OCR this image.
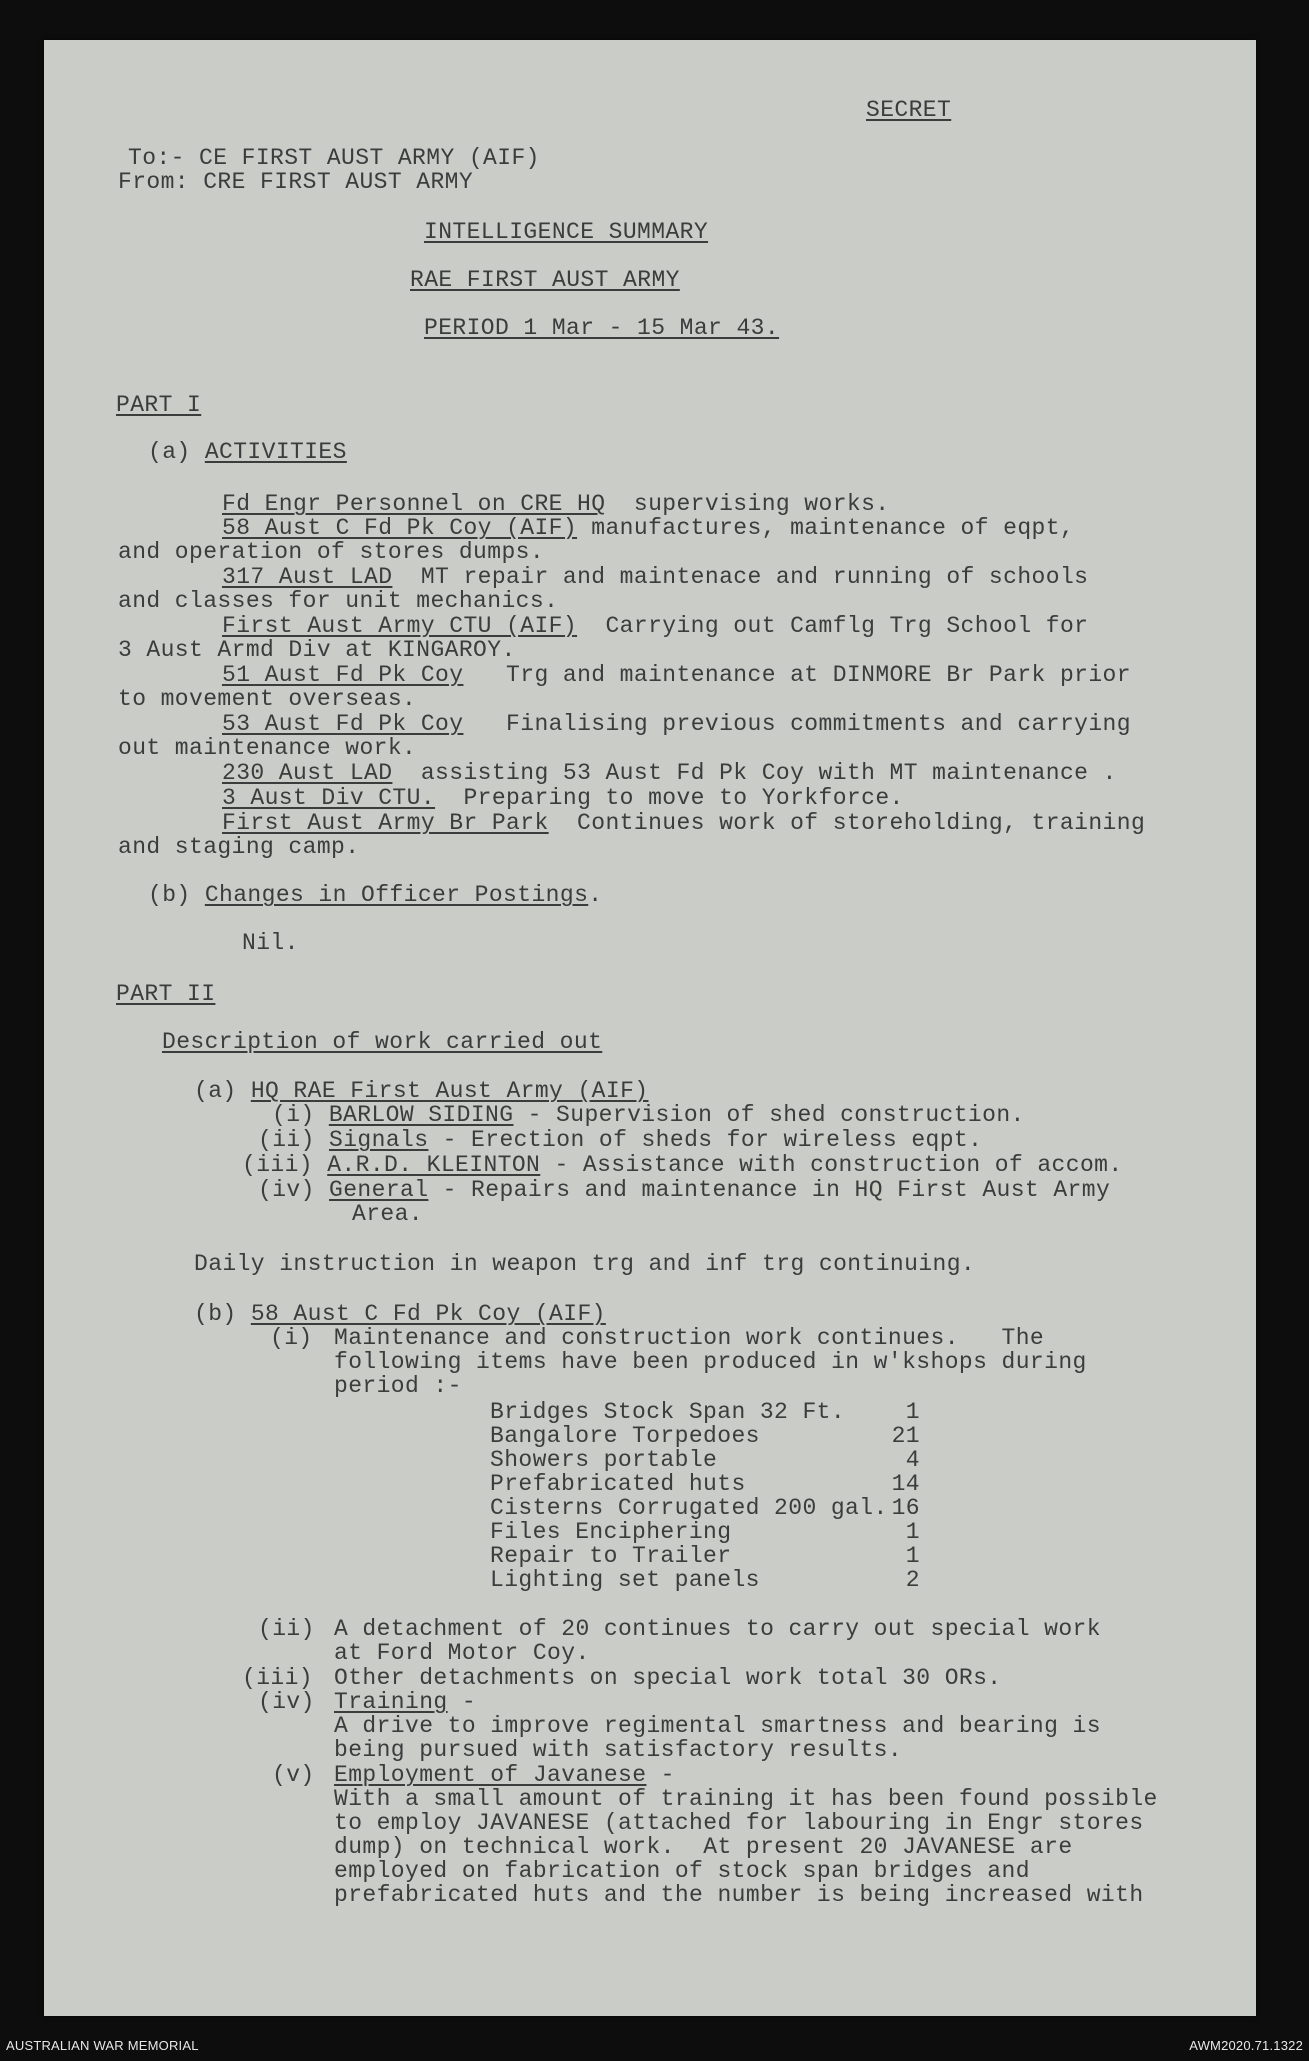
SECRET

To:- CE FIRST AUST ARMY (AIF)

From: CRE FIRST AUST ARMY

INTELLIGENCE SUMMARY

RAE FIRST AUST ARMY

PERIOD 1 Mar - 15 Mar 43.

PART I

(a) ACTIVITIES

Fd Engr Personnel on CRE HQ  supervising works.

58 Aust C Fd Pk Coy (AIF) manufactures, maintenance of eqpt,

and operation of stores dumps.

317 Aust LAD  MT repair and maintenace and running of schools

and classes for unit mechanics.

First Aust Army CTU (AIF)  Carrying out Camflg Trg School for

3 Aust Armd Div at KINGAROY.

51 Aust Fd Pk Coy   Trg and maintenance at DINMORE Br Park prior

to movement overseas.

53 Aust Fd Pk Coy   Finalising previous commitments and carrying

out maintenance work.

230 Aust LAD  assisting 53 Aust Fd Pk Coy with MT maintenance .

3 Aust Div CTU.  Preparing to move to Yorkforce.

First Aust Army Br Park  Continues work of storeholding, training

and staging camp.

(b) Changes in Officer Postings.

Nil.

PART II

Description of work carried out

(a) HQ RAE First Aust Army (AIF)

(i) BARLOW SIDING - Supervision of shed construction.

(ii) Signals - Erection of sheds for wireless eqpt.

(iii) A.R.D. KLEINTON - Assistance with construction of accom.

(iv) General - Repairs and maintenance in HQ First Aust Army

Area.

Daily instruction in weapon trg and inf trg continuing.

(b) 58 Aust C Fd Pk Coy (AIF)

(i) Maintenance and construction work continues.   The

following items have been produced in w'kshops during

period :-

Bridges Stock Span 32 Ft.	1

Bangalore Torpedoes	21

Showers portable	4

Prefabricated huts	14

Cisterns Corrugated 200 gal. 16

Files Enciphering	1

Repair to Trailer	1

Lighting set panels	2

(ii) A detachment of 20 continues to carry out special work

at Ford Motor Coy.

(iii) Other detachments on special work total 30 ORs.

(iv) Training -

A drive to improve regimental smartness and bearing is

being pursued with satisfactory results.

(v) Employment of Javanese -

With a small amount of training it has been found possible

to employ JAVANESE (attached for labouring in Engr stores

dump) on technical work.  At present 20 JAVANESE are

employed on fabrication of stock span bridges and

prefabricated huts and the number is being increased with

AUSTRALIAN WAR MEMORIAL	AWM2020.71.1322
